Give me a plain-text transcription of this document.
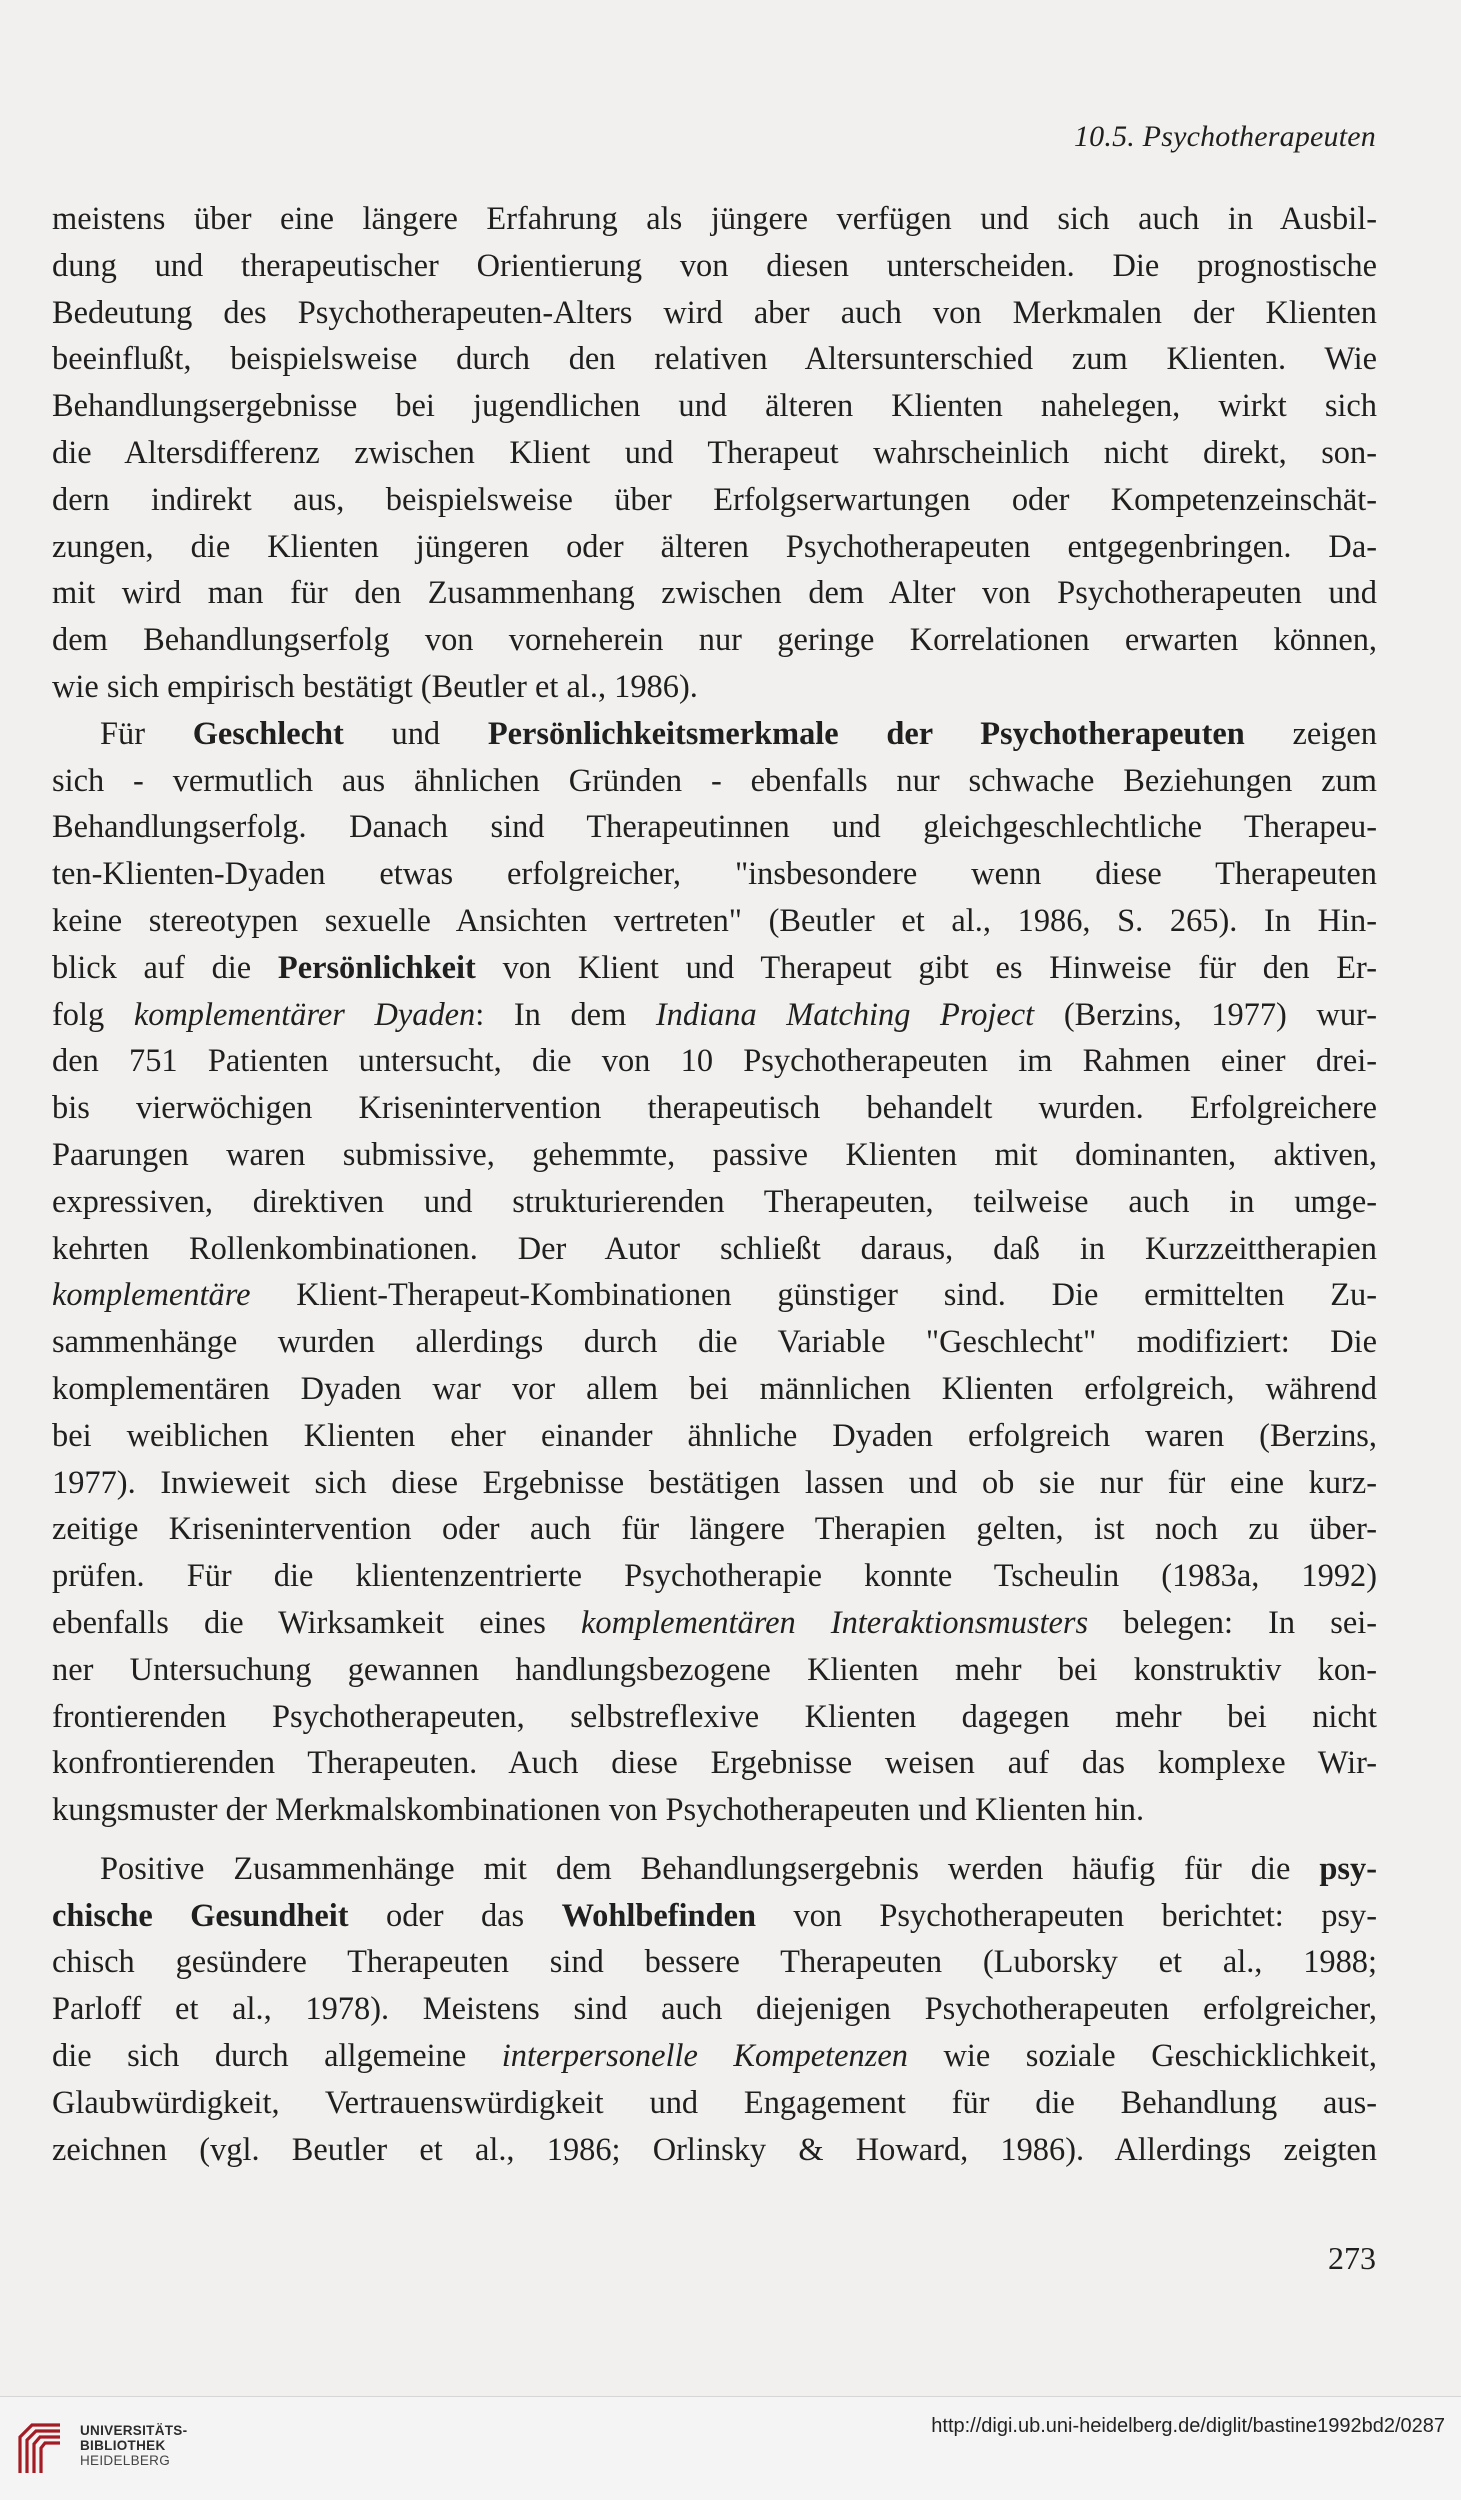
10.5. Psychotherapeuten
meistens über eine längere Erfahrung als jüngere verfügen und sich auch in Ausbil-
dung und therapeutischer Orientierung von diesen unterscheiden. Die prognostische
Bedeutung des Psychotherapeuten-Alters wird aber auch von Merkmalen der Klienten
beeinflußt, beispielsweise durch den relativen Altersunterschied zum Klienten. Wie
Behandlungsergebnisse bei jugendlichen und älteren Klienten nahelegen, wirkt sich
die Altersdifferenz zwischen Klient und Therapeut wahrscheinlich nicht direkt, son-
dern indirekt aus, beispielsweise über Erfolgserwartungen oder Kompetenzeinschät-
zungen, die Klienten jüngeren oder älteren Psychotherapeuten entgegenbringen. Da-
mit wird man für den Zusammenhang zwischen dem Alter von Psychotherapeuten und
dem Behandlungserfolg von vorneherein nur geringe Korrelationen erwarten können,
wie sich empirisch bestätigt (Beutler et al., 1986).
Für Geschlecht und Persönlichkeitsmerkmale der Psychotherapeuten zeigen
sich - vermutlich aus ähnlichen Gründen - ebenfalls nur schwache Beziehungen zum
Behandlungserfolg. Danach sind Therapeutinnen und gleichgeschlechtliche Therapeu-
ten-Klienten-Dyaden etwas erfolgreicher, "insbesondere wenn diese Therapeuten
keine stereotypen sexuelle Ansichten vertreten" (Beutler et al., 1986, S. 265). In Hin-
blick auf die Persönlichkeit von Klient und Therapeut gibt es Hinweise für den Er-
folg komplementärer Dyaden: In dem Indiana Matching Project (Berzins, 1977) wur-
den 751 Patienten untersucht, die von 10 Psychotherapeuten im Rahmen einer drei-
bis vierwöchigen Krisenintervention therapeutisch behandelt wurden. Erfolgreichere
Paarungen waren submissive, gehemmte, passive Klienten mit dominanten, aktiven,
expressiven, direktiven und strukturierenden Therapeuten, teilweise auch in umge-
kehrten Rollenkombinationen. Der Autor schließt daraus, daß in Kurzzeittherapien
komplementäre Klient-Therapeut-Kombinationen günstiger sind. Die ermittelten Zu-
sammenhänge wurden allerdings durch die Variable "Geschlecht" modifiziert: Die
komplementären Dyaden war vor allem bei männlichen Klienten erfolgreich, während
bei weiblichen Klienten eher einander ähnliche Dyaden erfolgreich waren (Berzins,
1977). Inwieweit sich diese Ergebnisse bestätigen lassen und ob sie nur für eine kurz-
zeitige Krisenintervention oder auch für längere Therapien gelten, ist noch zu über-
prüfen. Für die klientenzentrierte Psychotherapie konnte Tscheulin (1983a, 1992)
ebenfalls die Wirksamkeit eines komplementären Interaktionsmusters belegen: In sei-
ner Untersuchung gewannen handlungsbezogene Klienten mehr bei konstruktiv kon-
frontierenden Psychotherapeuten, selbstreflexive Klienten dagegen mehr bei nicht
konfrontierenden Therapeuten. Auch diese Ergebnisse weisen auf das komplexe Wir-
kungsmuster der Merkmalskombinationen von Psychotherapeuten und Klienten hin.
Positive Zusammenhänge mit dem Behandlungsergebnis werden häufig für die psy-
chische Gesundheit oder das Wohlbefinden von Psychotherapeuten berichtet: psy-
chisch gesündere Therapeuten sind bessere Therapeuten (Luborsky et al., 1988;
Parloff et al., 1978). Meistens sind auch diejenigen Psychotherapeuten erfolgreicher,
die sich durch allgemeine interpersonelle Kompetenzen wie soziale Geschicklichkeit,
Glaubwürdigkeit, Vertrauenswürdigkeit und Engagement für die Behandlung aus-
zeichnen (vgl. Beutler et al., 1986; Orlinsky & Howard, 1986). Allerdings zeigten
273
UNIVERSITÄTS-
BIBLIOTHEK
HEIDELBERG
http://digi.ub.uni-heidelberg.de/diglit/bastine1992bd2/0287
